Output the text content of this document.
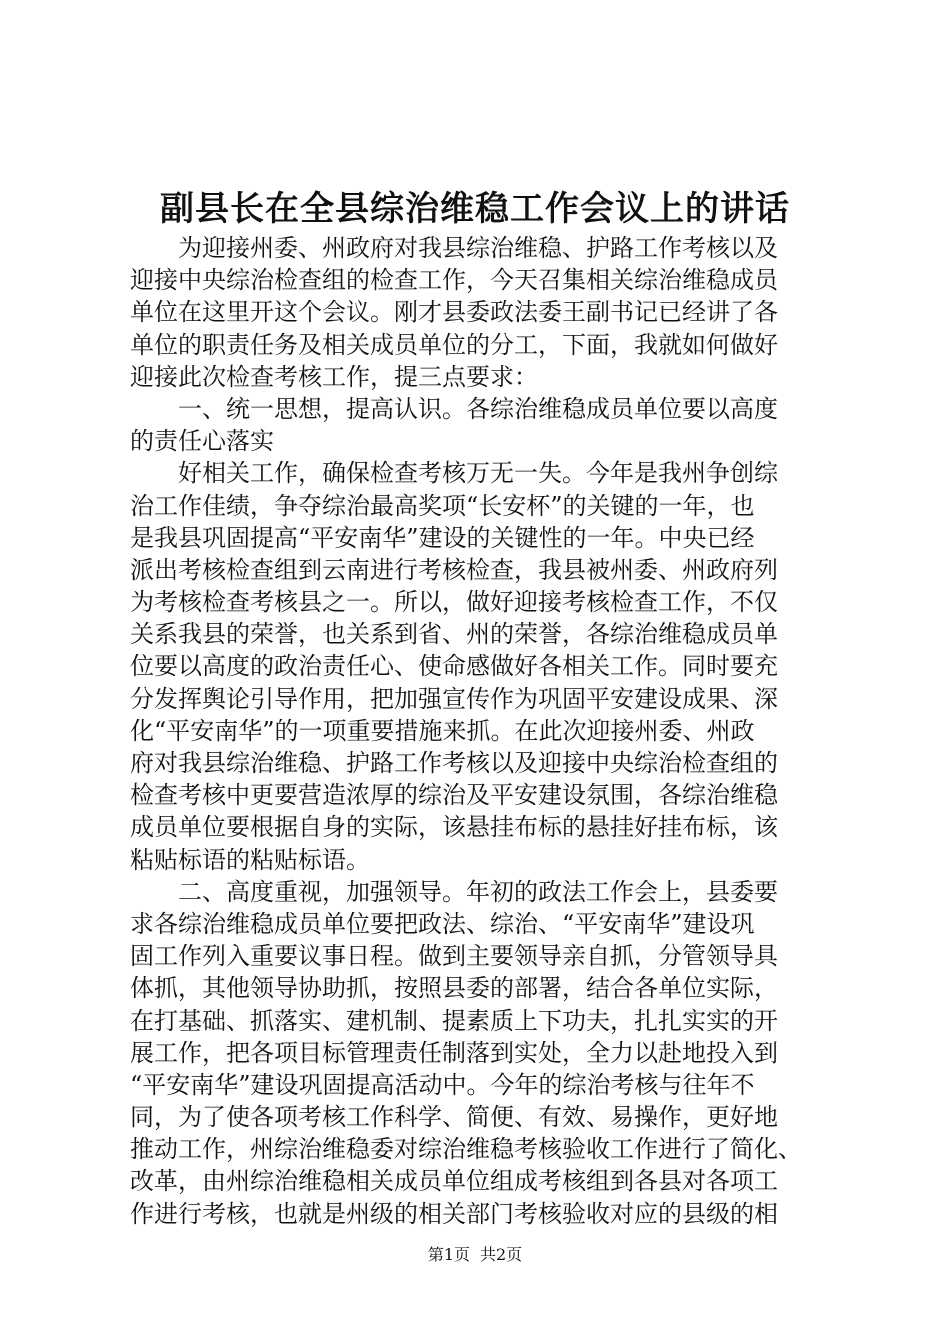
副县长在全县综治维稳工作会议上的讲话
为迎接州委、州政府对我县综治维稳、护路工作考核以及
迎接中央综治检查组的检查工作，今天召集相关综治维稳成员
单位在这里开这个会议。刚才县委政法委王副书记已经讲了各
单位的职责任务及相关成员单位的分工，下面，我就如何做好
迎接此次检查考核工作，提三点要求：
一、统一思想，提高认识。各综治维稳成员单位要以高度
的责任心落实
好相关工作，确保检查考核万无一失。今年是我州争创综
治工作佳绩，争夺综治最高奖项“长安杯”的关键的一年，也
是我县巩固提高“平安南华”建设的关键性的一年。中央已经
派出考核检查组到云南进行考核检查，我县被州委、州政府列
为考核检查考核县之一。所以，做好迎接考核检查工作，不仅
关系我县的荣誉，也关系到省、州的荣誉，各综治维稳成员单
位要以高度的政治责任心、使命感做好各相关工作。同时要充
分发挥舆论引导作用，把加强宣传作为巩固平安建设成果、深
化“平安南华”的一项重要措施来抓。在此次迎接州委、州政
府对我县综治维稳、护路工作考核以及迎接中央综治检查组的
检查考核中更要营造浓厚的综治及平安建设氛围，各综治维稳
成员单位要根据自身的实际，该悬挂布标的悬挂好挂布标，该
粘贴标语的粘贴标语。
二、高度重视，加强领导。年初的政法工作会上，县委要
求各综治维稳成员单位要把政法、综治、“平安南华”建设巩
固工作列入重要议事日程。做到主要领导亲自抓，分管领导具
体抓，其他领导协助抓，按照县委的部署，结合各单位实际，
在打基础、抓落实、建机制、提素质上下功夫，扎扎实实的开
展工作，把各项目标管理责任制落到实处，全力以赴地投入到
“平安南华”建设巩固提高活动中。今年的综治考核与往年不
同，为了使各项考核工作科学、简便、有效、易操作，更好地
推动工作，州综治维稳委对综治维稳考核验收工作进行了简化、
改革，由州综治维稳相关成员单位组成考核组到各县对各项工
作进行考核，也就是州级的相关部门考核验收对应的县级的相
第1页 共2页
